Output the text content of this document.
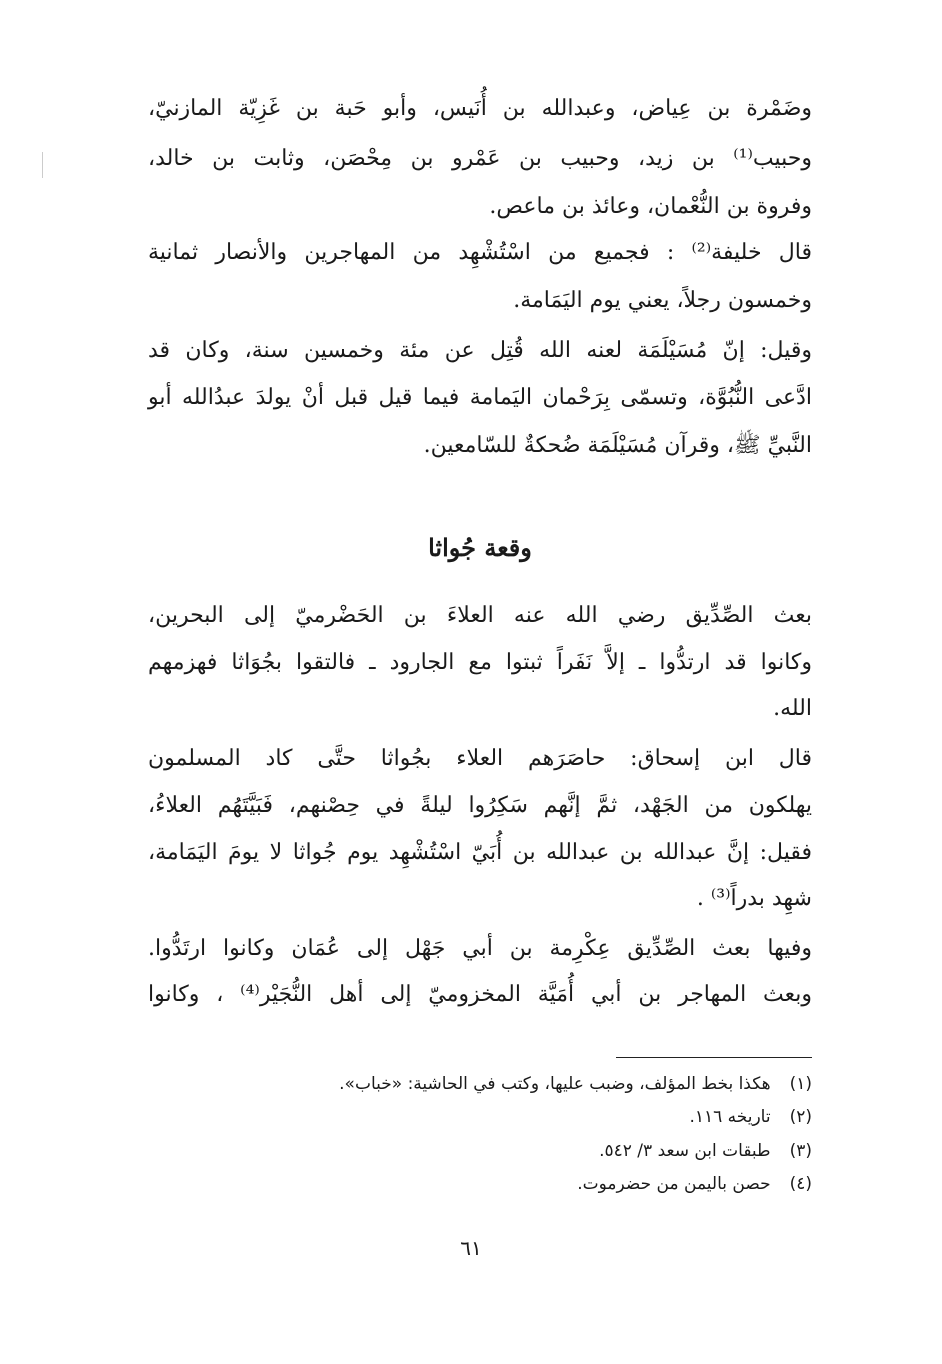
وضَمْرة بن عِياض، وعبدالله بن أُنَيس، وأبو حَبة بن غَزِيّة المازنيّ،
وحبيب⁽¹⁾ بن زيد، وحبيب بن عَمْرو بن مِحْصَن، وثابت بن خالد،
وفروة بن النُّعْمان، وعائذ بن ماعص.
قال خليفة⁽²⁾ : فجميع من اسْتُشْهِد من المهاجرين والأنصار ثمانية
وخمسون رجلاً، يعني يوم اليَمَامة.
وقيل: إنّ مُسَيْلَمَة لعنه الله قُتِل عن مئة وخمسين سنة، وكان قد
ادَّعى النُّبُوَّة، وتسمّى بِرَحْمان اليَمامة فيما قيل قبل أنْ يولدَ عبدُالله أبو
النَّبيِّ ﷺ، وقرآن مُسَيْلَمَة ضُحكةٌ للسّامعين.
وقعة جُواثا
بعث الصِّدِّيق رضي الله عنه العلاءَ بن الحَضْرميّ إلى البحرين،
وكانوا قد ارتدُّوا ـ إلاَّ نَفَراً ثبتوا مع الجارود ـ فالتقوا بجُوَاثا فهزمهم
الله.
قال ابن إسحاق: حاصَرَهم العلاء بجُواثا حتَّى كاد المسلمون
يهلكون من الجَهْد، ثمَّ إنَّهم سَكِرُوا ليلةً في حِصْنهم، فَبَيَّتَهُم العلاءُ،
فقيل: إنَّ عبدالله بن عبدالله بن أُبَيّ اسْتُشْهِد يوم جُواثا لا يومَ اليَمَامة،
شهِد بدراً⁽³⁾ .
وفيها بعث الصِّدِّيق عِكْرِمة بن أبي جَهْل إلى عُمَان وكانوا ارتَدُّوا.
وبعث المهاجر بن أبي أُمَيَّة المخزوميّ إلى أهل النُّجَيْر⁽⁴⁾ ، وكانوا
(١) هكذا بخط المؤلف، وضبب عليها، وكتب في الحاشية: «خباب».
(٢) تاريخه ١١٦.
(٣) طبقات ابن سعد ٣/ ٥٤٢.
(٤) حصن باليمن من حضرموت.
٦١
